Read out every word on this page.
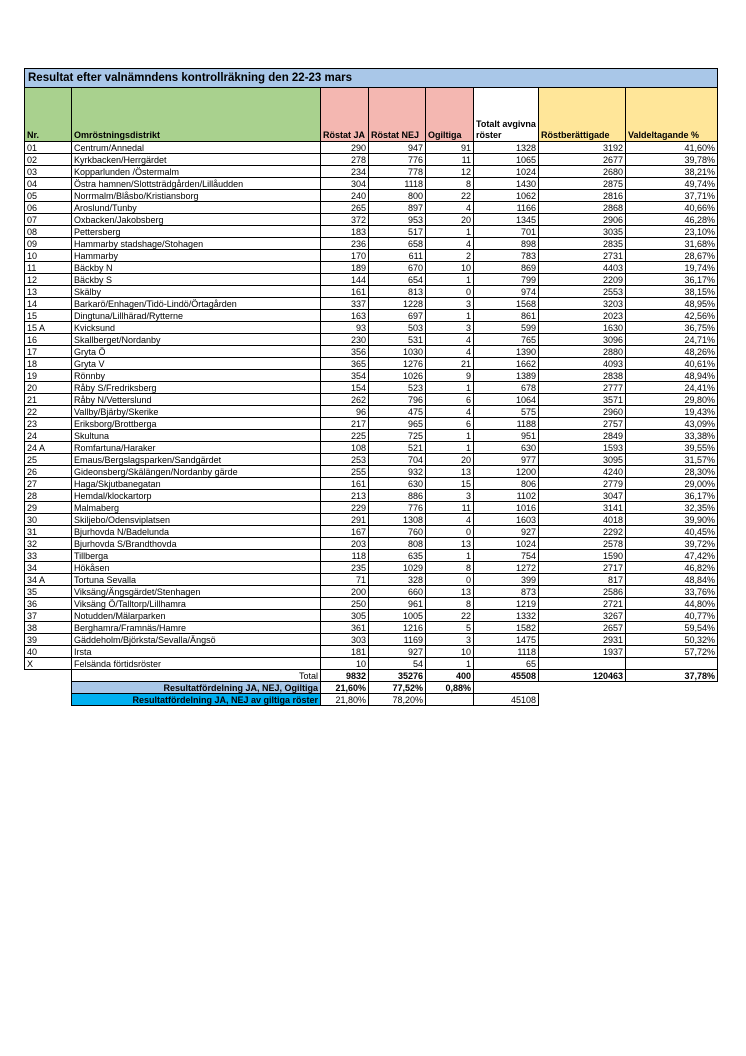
Resultat efter valnämndens kontrollräkning den 22-23 mars							
Nr.	Omröstningsdistrikt	Röstat JA	Röstat NEJ	Ogiltiga	Totalt avgivna röster	Röstberättigade	Valdeltagande %
01	Centrum/Annedal	290	947	91	1328	3192	41,60%
02	Kyrkbacken/Herrgärdet	278	776	11	1065	2677	39,78%
03	Kopparlunden /Östermalm	234	778	12	1024	2680	38,21%
04	Östra hamnen/Slottsträdgården/Lillåudden	304	1118	8	1430	2875	49,74%
05	Norrmalm/Blåsbo/Kristiansborg	240	800	22	1062	2816	37,71%
06	Aroslund/Tunby	265	897	4	1166	2868	40,66%
07	Oxbacken/Jakobsberg	372	953	20	1345	2906	46,28%
08	Pettersberg	183	517	1	701	3035	23,10%
09	Hammarby stadshage/Stohagen	236	658	4	898	2835	31,68%
10	Hammarby	170	611	2	783	2731	28,67%
11	Bäckby N	189	670	10	869	4403	19,74%
12	Bäckby S	144	654	1	799	2209	36,17%
13	Skälby	161	813	0	974	2553	38,15%
14	Barkarö/Enhagen/Tidö-Lindö/Örtagården	337	1228	3	1568	3203	48,95%
15	Dingtuna/Lillhärad/Rytterne	163	697	1	861	2023	42,56%
15 A	Kvicksund	93	503	3	599	1630	36,75%
16	Skallberget/Nordanby	230	531	4	765	3096	24,71%
17	Gryta Ö	356	1030	4	1390	2880	48,26%
18	Gryta V	365	1276	21	1662	4093	40,61%
19	Rönnby	354	1026	9	1389	2838	48,94%
20	Råby S/Fredriksberg	154	523	1	678	2777	24,41%
21	Råby N/Vetterslund	262	796	6	1064	3571	29,80%
22	Vallby/Bjärby/Skerike	96	475	4	575	2960	19,43%
23	Eriksborg/Brottberga	217	965	6	1188	2757	43,09%
24	Skultuna	225	725	1	951	2849	33,38%
24 A	Romfartuna/Haraker	108	521	1	630	1593	39,55%
25	Emaus/Bergslagsparken/Sandgärdet	253	704	20	977	3095	31,57%
26	Gideonsberg/Skälängen/Nordanby gärde	255	932	13	1200	4240	28,30%
27	Haga/Skjutbanegatan	161	630	15	806	2779	29,00%
28	Hemdal/klockartorp	213	886	3	1102	3047	36,17%
29	Malmaberg	229	776	11	1016	3141	32,35%
30	Skiljebo/Odensviplatsen	291	1308	4	1603	4018	39,90%
31	Bjurhovda N/Badelunda	167	760	0	927	2292	40,45%
32	Bjurhovda S/Brandthovda	203	808	13	1024	2578	39,72%
33	Tillberga	118	635	1	754	1590	47,42%
34	Hökåsen	235	1029	8	1272	2717	46,82%
34 A	Tortuna Sevalla	71	328	0	399	817	48,84%
35	Viksäng/Ängsgärdet/Stenhagen	200	660	13	873	2586	33,76%
36	Viksäng Ö/Talltorp/Lillhamra	250	961	8	1219	2721	44,80%
37	Notudden/Mälarparken	305	1005	22	1332	3267	40,77%
38	Berghamra/Framnäs/Hamre	361	1216	5	1582	2657	59,54%
39	Gäddeholm/Björksta/Sevalla/Ängsö	303	1169	3	1475	2931	50,32%
40	Irsta	181	927	10	1118	1937	57,72%
X	Felsända förtidsröster	10	54	1	65		
	Total	9832	35276	400	45508	120463	37,78%
	Resultatfördelning JA, NEJ, Ogiltiga	21,60%	77,52%	0,88%			
	Resultatfördelning JA, NEJ av giltiga röster	21,80%	78,20%		45108		
